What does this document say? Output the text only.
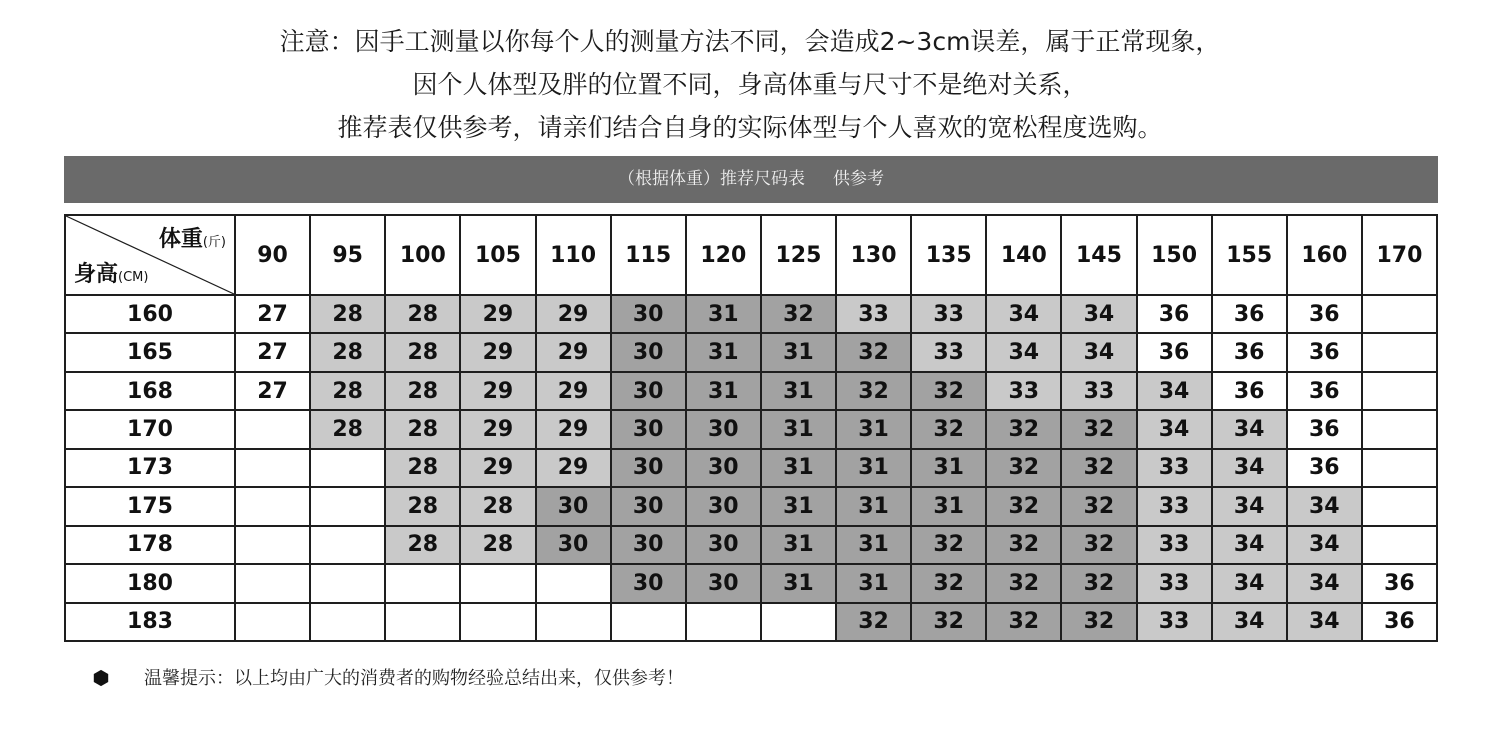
注意：因手工测量以你每个人的测量方法不同，会造成2~3cm误差，属于正常现象，
因个人体型及胖的位置不同，身高体重与尺寸不是绝对关系，
推荐表仅供参考，请亲们结合自身的实际体型与个人喜欢的宽松程度选购。
（根据体重）推荐尺码表 供参考
体重(斤)
身高(CM)	90	95	100	105	110	115	120	125	130	135	140	145	150	155	160	170
160	27	28	28	29	29	30	31	32	33	33	34	34	36	36	36	
165	27	28	28	29	29	30	31	31	32	33	34	34	36	36	36	
168	27	28	28	29	29	30	31	31	32	32	33	33	34	36	36	
170		28	28	29	29	30	30	31	31	32	32	32	34	34	36	
173			28	29	29	30	30	31	31	31	32	32	33	34	36	
175			28	28	30	30	30	31	31	31	32	32	33	34	34	
178			28	28	30	30	30	31	31	32	32	32	33	34	34	
180						30	30	31	31	32	32	32	33	34	34	36
183									32	32	32	32	33	34	34	36
温馨提示：以上均由广大的消费者的购物经验总结出来，仅供参考！
